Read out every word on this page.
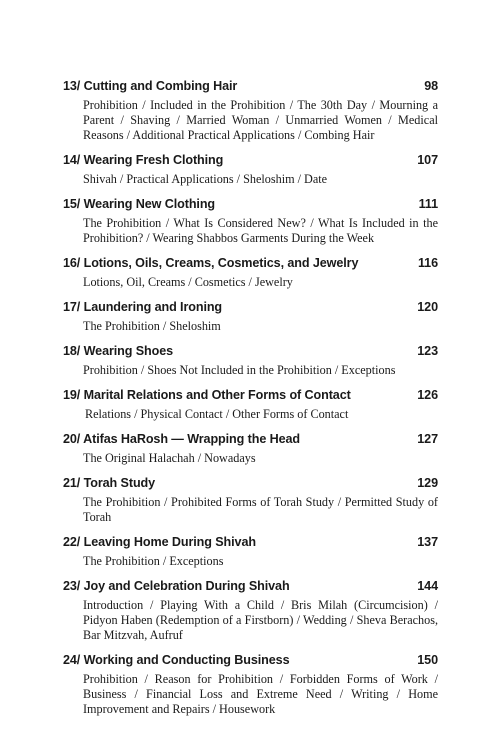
13/ Cutting and Combing Hair	98
Prohibition / Included in the Prohibition / The 30th Day / Mourning a Parent / Shaving / Married Woman / Unmarried Women / Medical Reasons / Additional Practical Applications / Combing Hair
14/ Wearing Fresh Clothing	107
Shivah / Practical Applications / Sheloshim / Date
15/ Wearing New Clothing	111
The Prohibition / What Is Considered New? / What Is Included in the Prohibition? / Wearing Shabbos Garments During the Week
16/ Lotions, Oils, Creams, Cosmetics, and Jewelry	116
Lotions, Oil, Creams / Cosmetics / Jewelry
17/ Laundering and Ironing	120
The Prohibition / Sheloshim
18/ Wearing Shoes	123
Prohibition / Shoes Not Included in the Prohibition / Exceptions
19/ Marital Relations and Other Forms of Contact	126
Relations / Physical Contact / Other Forms of Contact
20/ Atifas HaRosh — Wrapping the Head	127
The Original Halachah / Nowadays
21/ Torah Study	129
The Prohibition / Prohibited Forms of Torah Study / Permitted Study of Torah
22/ Leaving Home During Shivah	137
The Prohibition / Exceptions
23/ Joy and Celebration During Shivah	144
Introduction / Playing With a Child / Bris Milah (Circumcision) / Pidyon Haben (Redemption of a Firstborn) / Wedding / Sheva Berachos, Bar Mitzvah, Aufruf
24/ Working and Conducting Business	150
Prohibition / Reason for Prohibition / Forbidden Forms of Work / Business / Financial Loss and Extreme Need / Writing / Home Improvement and Repairs / Housework
